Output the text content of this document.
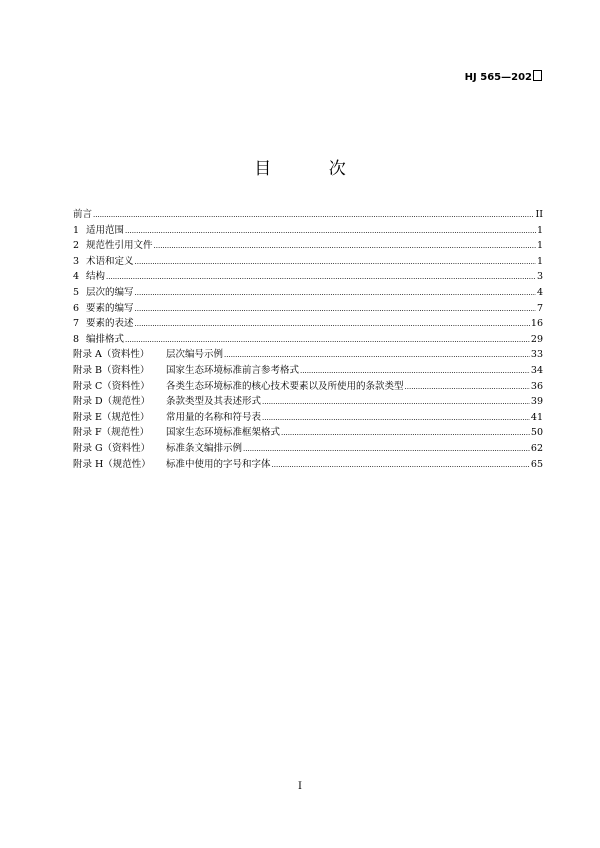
HJ 565—202
目 次
前言 .....	II
1 适用范围 .....	1
2 规范性引用文件 .....	1
3 术语和定义 .....	1
4 结构 .....	3
5 层次的编写 .....	4
6 要素的编写 .....	7
7 要素的表述 .....	16
8 编排格式 .....	29
附录 A（资料性）	层次编号示例 .....	33
附录 B（资料性）	国家生态环境标准前言参考格式 .....	34
附录 C（资料性）	各类生态环境标准的核心技术要素以及所使用的条款类型 .....	36
附录 D（规范性）	条款类型及其表述形式 .....	39
附录 E（规范性）	常用量的名称和符号表 .....	41
附录 F（规范性）	国家生态环境标准框架格式 .....	50
附录 G（资料性）	标准条文编排示例 .....	62
附录 H（规范性）	标准中使用的字号和字体 .....	65
I
